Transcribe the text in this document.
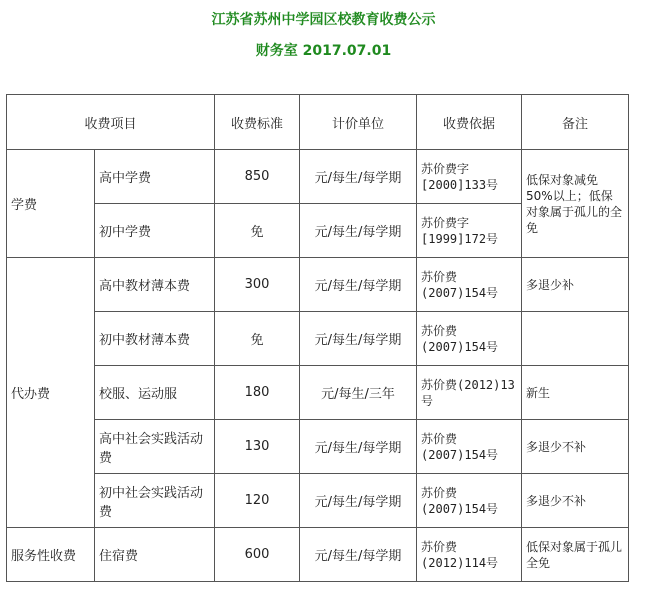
江苏省苏州中学园区校教育收费公示
财务室 2017.07.01
收费项目		收费标准	计价单位	收费依据	备注
学费	高中学费	850	元/每生/每学期	苏价费字[2000]133号	低保对象减免50%以上；低保对象属于孤儿的全免
	初中学费	免	元/每生/每学期	苏价费字[1999]172号	
代办费	高中教材薄本费	300	元/每生/每学期	苏价费(2007)154号	多退少补
	初中教材薄本费	免	元/每生/每学期	苏价费(2007)154号	
	校服、运动服	180	元/每生/三年	苏价费(2012)13号	新生
	高中社会实践活动费	130	元/每生/每学期	苏价费(2007)154号	多退少不补
	初中社会实践活动费	120	元/每生/每学期	苏价费(2007)154号	多退少不补
服务性收费	住宿费	600	元/每生/每学期	苏价费(2012)114号	低保对象属于孤儿全免
